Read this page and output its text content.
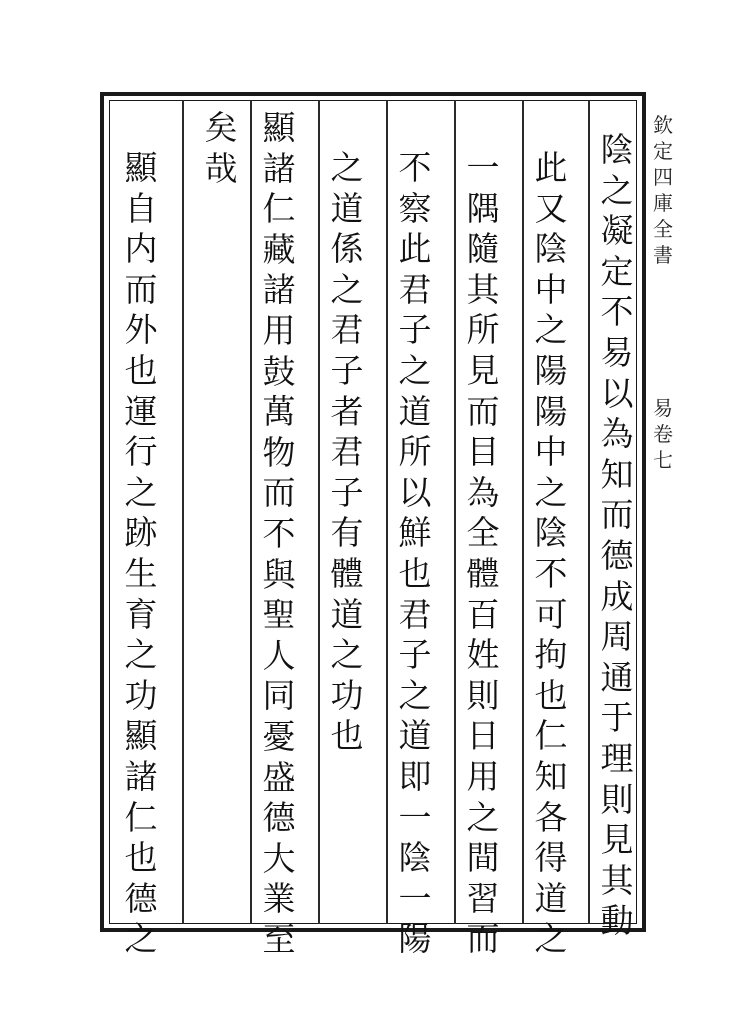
欽
定
四
庫
全
書
易
卷
七
陰
之
凝
定
不
易
以
為
知
而
德
成
周
通
于
理
則
見
其
動
此
又
陰
中
之
陽
陽
中
之
陰
不
可
拘
也
仁
知
各
得
道
之
一
隅
隨
其
所
見
而
目
為
全
體
百
姓
則
日
用
之
間
習
而
不
察
此
君
子
之
道
所
以
鮮
也
君
子
之
道
即
一
陰
一
陽
之
道
係
之
君
子
者
君
子
有
體
道
之
功
也
顯
諸
仁
藏
諸
用
鼓
萬
物
而
不
與
聖
人
同
憂
盛
德
大
業
至
矣
哉
顯
自
内
而
外
也
運
行
之
跡
生
育
之
功
顯
諸
仁
也
德
之
